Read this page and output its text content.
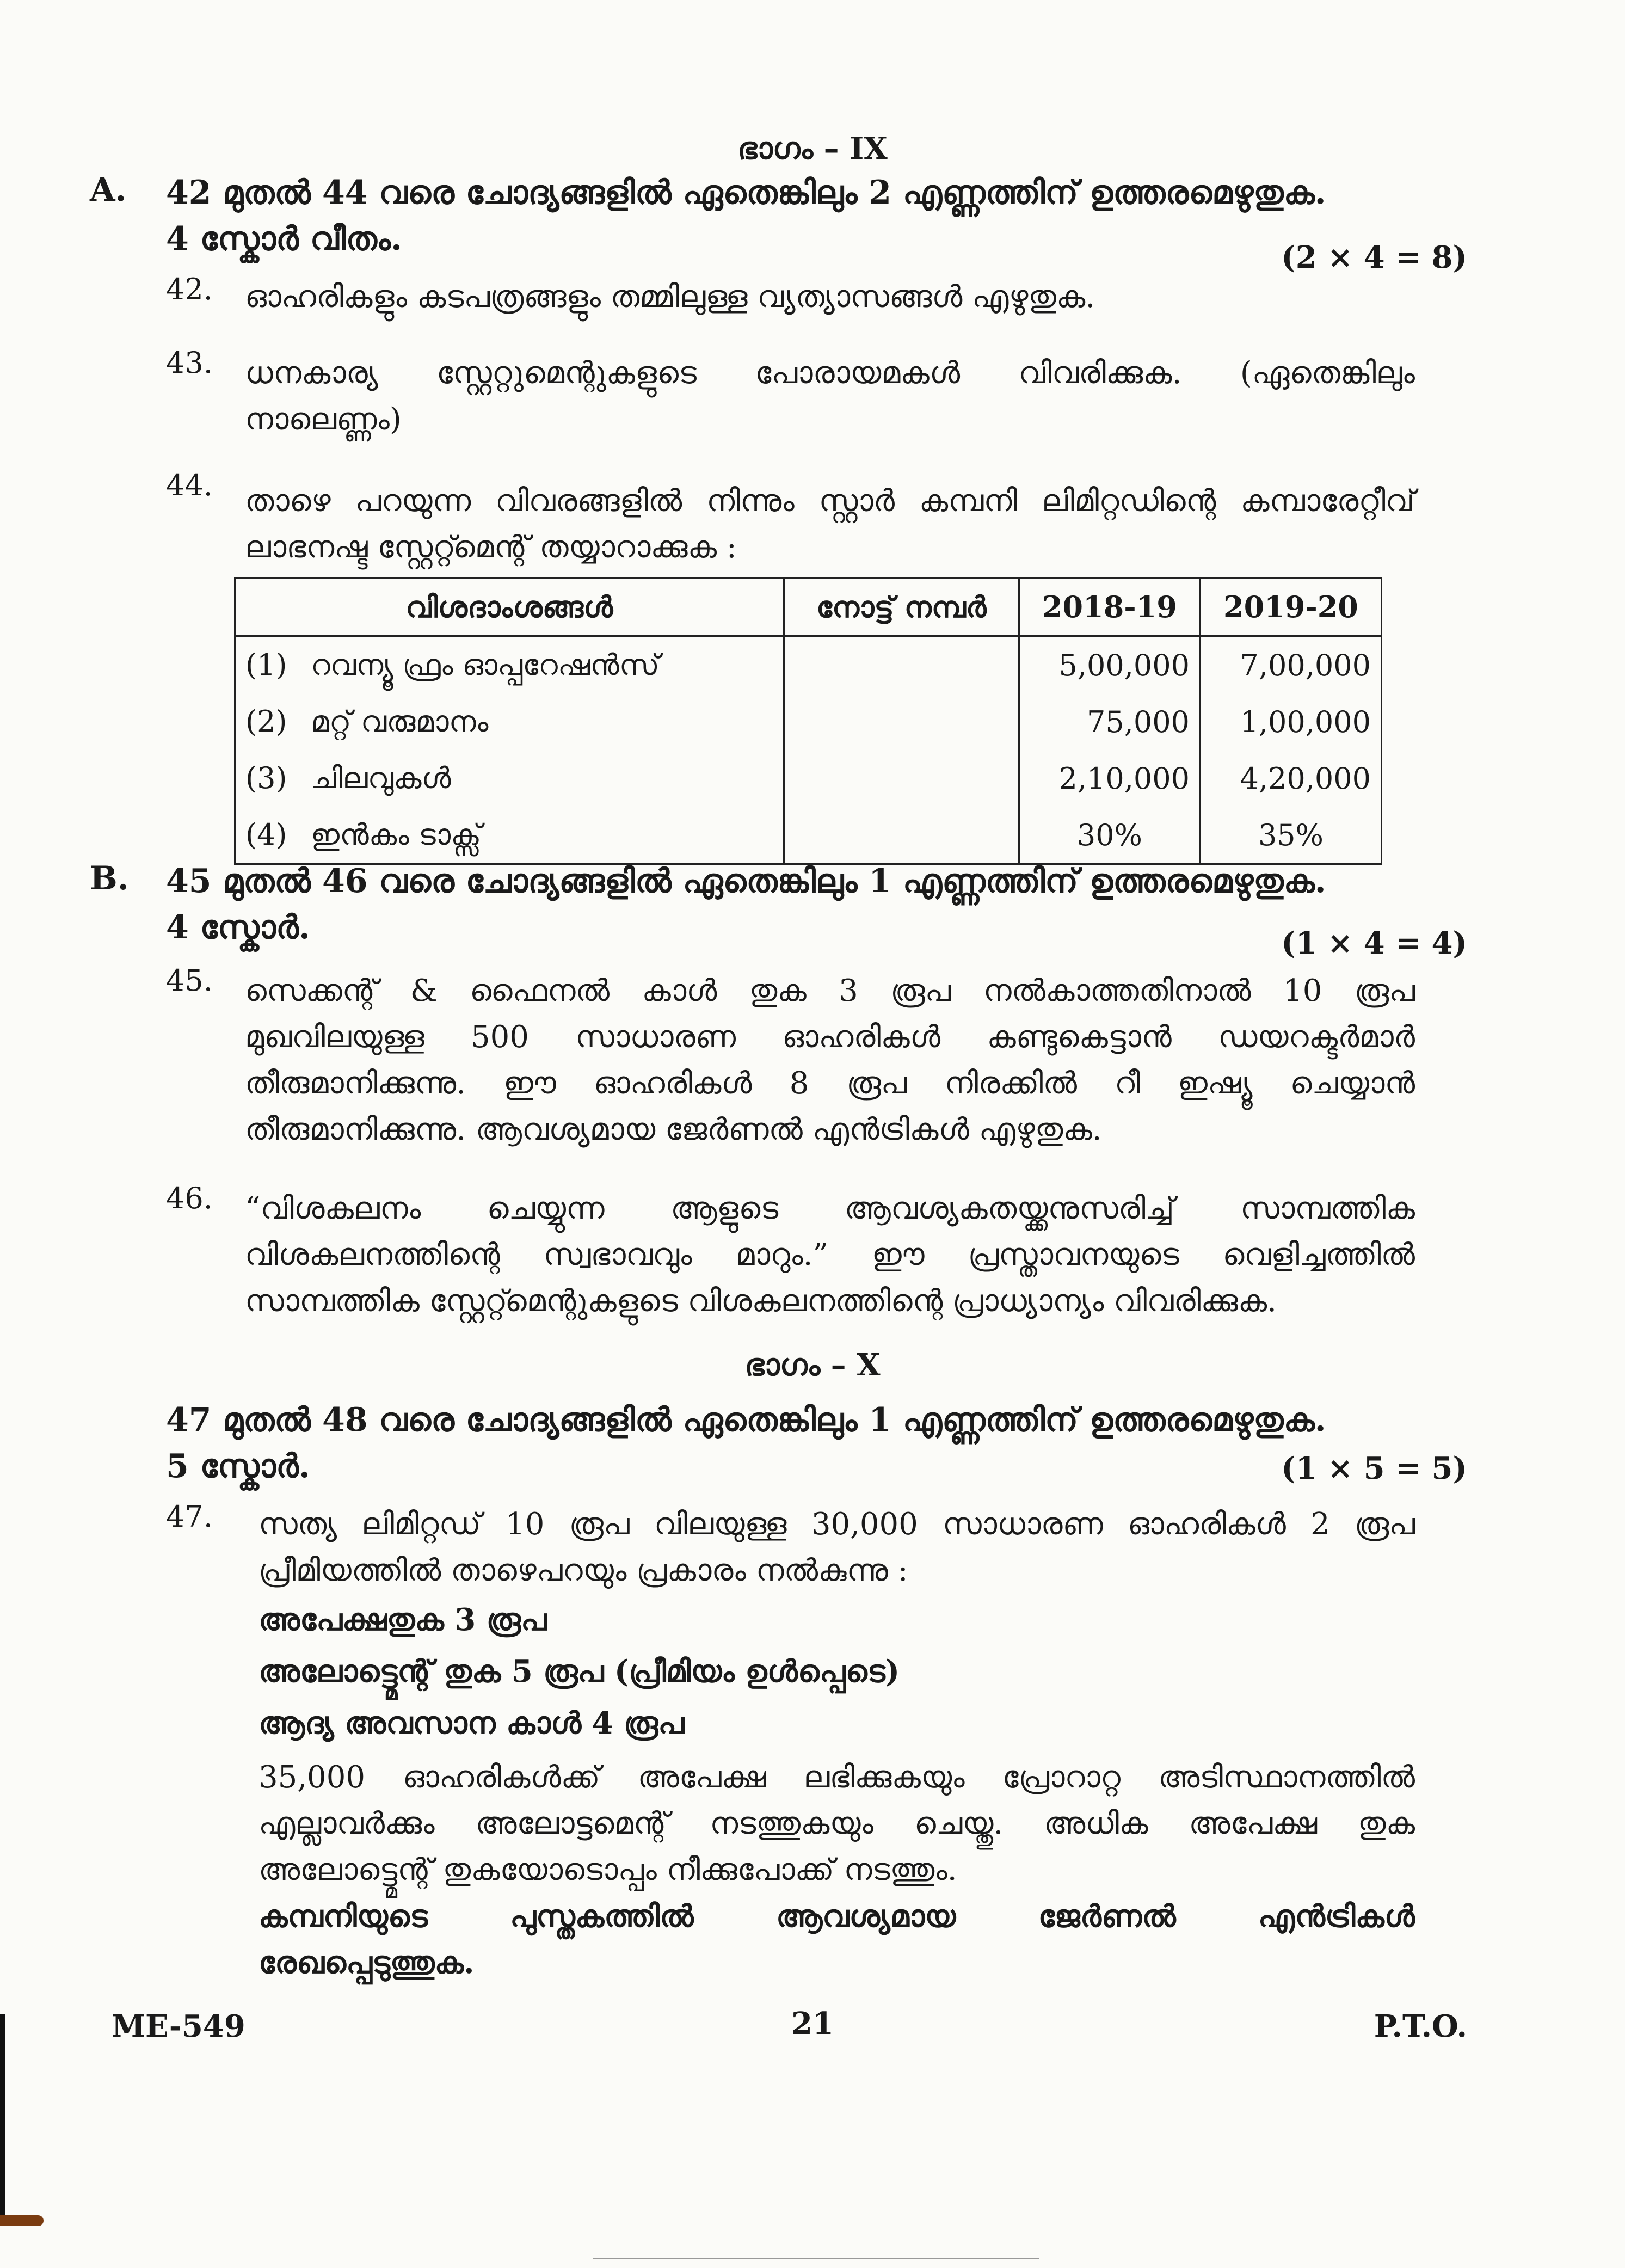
ഭാഗം – IX
A. 42 മുതൽ 44 വരെ ചോദ്യങ്ങളിൽ ഏതെങ്കിലും 2 എണ്ണത്തിന് ഉത്തരമെഴുതുക.
4 സ്കോർ വീതം.	(2 × 4 = 8)
42. ഓഹരികളും കടപത്രങ്ങളും തമ്മിലുള്ള വ്യത്യാസങ്ങൾ എഴുതുക.
43. ധനകാര്യ സ്റ്റേറ്റുമെന്റുകളുടെ പോരായമകൾ വിവരിക്കുക. (ഏതെങ്കിലും
നാലെണ്ണം)
44. താഴെ പറയുന്ന വിവരങ്ങളിൽ നിന്നും സ്റ്റാർ കമ്പനി ലിമിറ്റഡിന്റെ കമ്പാരേറ്റീവ്
ലാഭനഷ്ട സ്റ്റേറ്റ്മെന്റ് തയ്യാറാക്കുക :
വിശദാംശങ്ങൾ	നോട്ട് നമ്പർ	2018-19	2019-20
(1) റവന്യൂ ഫ്രം ഓപ്പറേഷൻസ്		5,00,000	7,00,000
(2) മറ്റ് വരുമാനം		75,000	1,00,000
(3) ചിലവുകൾ		2,10,000	4,20,000
(4) ഇൻകം ടാക്സ്		30%	35%
B. 45 മുതൽ 46 വരെ ചോദ്യങ്ങളിൽ ഏതെങ്കിലും 1 എണ്ണത്തിന് ഉത്തരമെഴുതുക.
4 സ്കോർ.	(1 × 4 = 4)
45. സെക്കന്റ് & ഫൈനൽ കാൾ തുക 3 രൂപ നൽകാത്തതിനാൽ 10 രൂപ
മുഖവിലയുള്ള 500 സാധാരണ ഓഹരികൾ കണ്ടുകെട്ടാൻ ഡയറക്ടർമാർ
തീരുമാനിക്കുന്നു. ഈ ഓഹരികൾ 8 രൂപ നിരക്കിൽ റീ ഇഷ്യൂ ചെയ്യാൻ
തീരുമാനിക്കുന്നു. ആവശ്യമായ ജേർണൽ എൻട്രികൾ എഴുതുക.
46. “വിശകലനം ചെയ്യുന്ന ആളുടെ ആവശ്യകതയ്ക്കനുസരിച്ച് സാമ്പത്തിക
വിശകലനത്തിന്റെ സ്വഭാവവും മാറും.” ഈ പ്രസ്താവനയുടെ വെളിച്ചത്തിൽ
സാമ്പത്തിക സ്റ്റേറ്റ്മെന്റുകളുടെ വിശകലനത്തിന്റെ പ്രാധ്യാന്യം വിവരിക്കുക.
ഭാഗം – X
47 മുതൽ 48 വരെ ചോദ്യങ്ങളിൽ ഏതെങ്കിലും 1 എണ്ണത്തിന് ഉത്തരമെഴുതുക.
5 സ്കോർ.	(1 × 5 = 5)
47. സത്യ ലിമിറ്റഡ് 10 രൂപ വിലയുള്ള 30,000 സാധാരണ ഓഹരികൾ 2 രൂപ
പ്രീമിയത്തിൽ താഴെപറയും പ്രകാരം നൽകുന്നു :
അപേക്ഷതുക 3 രൂപ
അലോട്ട്മെന്റ് തുക 5 രൂപ (പ്രീമിയം ഉൾപ്പെടെ)
ആദ്യ അവസാന കാൾ 4 രൂപ
35,000 ഓഹരികൾക്ക് അപേക്ഷ ലഭിക്കുകയും പ്രോറാറ്റ അടിസ്ഥാനത്തിൽ
എല്ലാവർക്കും അലോട്ടമെന്റ് നടത്തുകയും ചെയ്തു. അധിക അപേക്ഷ തുക
അലോട്ട്മെന്റ് തുകയോടൊപ്പം നീക്കുപോക്ക് നടത്തും.
കമ്പനിയുടെ പുസ്തകത്തിൽ ആവശ്യമായ ജേർണൽ എൻട്രികൾ
രേഖപ്പെടുത്തുക.
ME-549	21	P.T.O.
